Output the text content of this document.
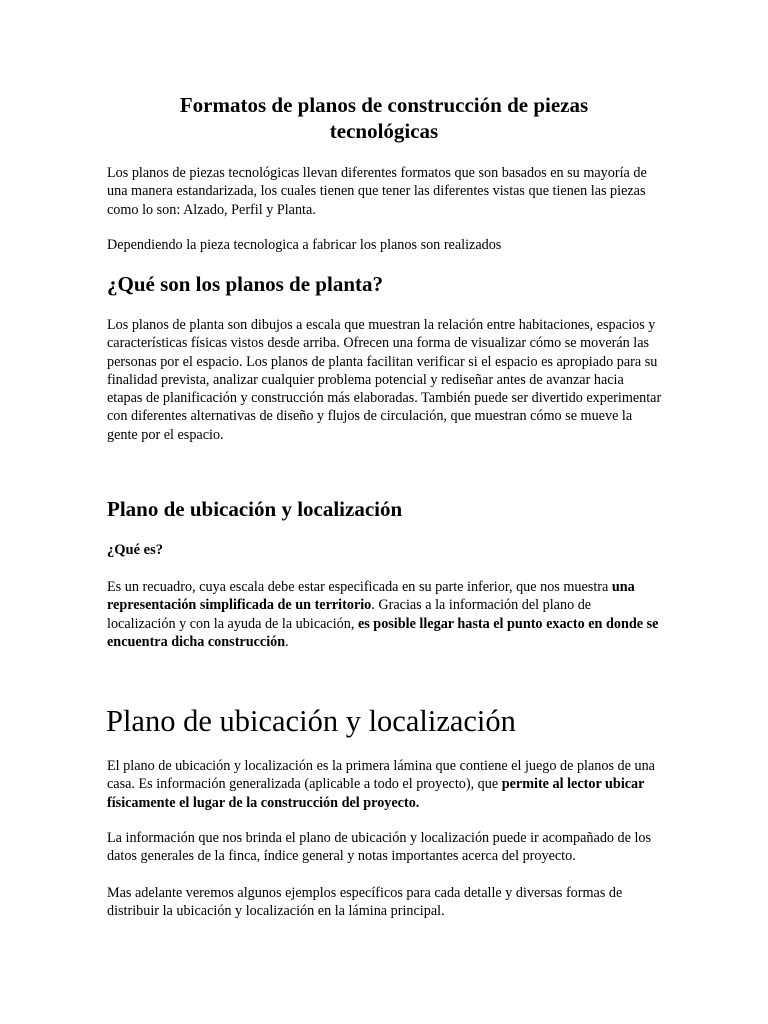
Formatos de planos de construcción de piezas tecnológicas

Los planos de piezas tecnológicas llevan diferentes formatos que son basados en su mayoría de una manera estandarizada, los cuales tienen que tener las diferentes vistas que tienen las piezas como lo son: Alzado, Perfil y Planta.

Dependiendo la pieza tecnologica a fabricar los planos son realizados

¿Qué son los planos de planta?

Los planos de planta son dibujos a escala que muestran la relación entre habitaciones, espacios y características físicas vistos desde arriba. Ofrecen una forma de visualizar cómo se moverán las personas por el espacio. Los planos de planta facilitan verificar si el espacio es apropiado para su finalidad prevista, analizar cualquier problema potencial y rediseñar antes de avanzar hacia etapas de planificación y construcción más elaboradas. También puede ser divertido experimentar con diferentes alternativas de diseño y flujos de circulación, que muestran cómo se mueve la gente por el espacio.

Plano de ubicación y localización
¿Qué es?

Es un recuadro, cuya escala debe estar especificada en su parte inferior, que nos muestra una representación simplificada de un territorio. Gracias a la información del plano de localización y con la ayuda de la ubicación, es posible llegar hasta el punto exacto en donde se encuentra dicha construcción.

Plano de ubicación y localización

El plano de ubicación y localización es la primera lámina que contiene el juego de planos de una casa. Es información generalizada (aplicable a todo el proyecto), que permite al lector ubicar físicamente el lugar de la construcción del proyecto.

La información que nos brinda el plano de ubicación y localización puede ir acompañado de los datos generales de la finca, índice general y notas importantes acerca del proyecto.

Mas adelante veremos algunos ejemplos específicos para cada detalle y diversas formas de distribuir la ubicación y localización en la lámina principal.
